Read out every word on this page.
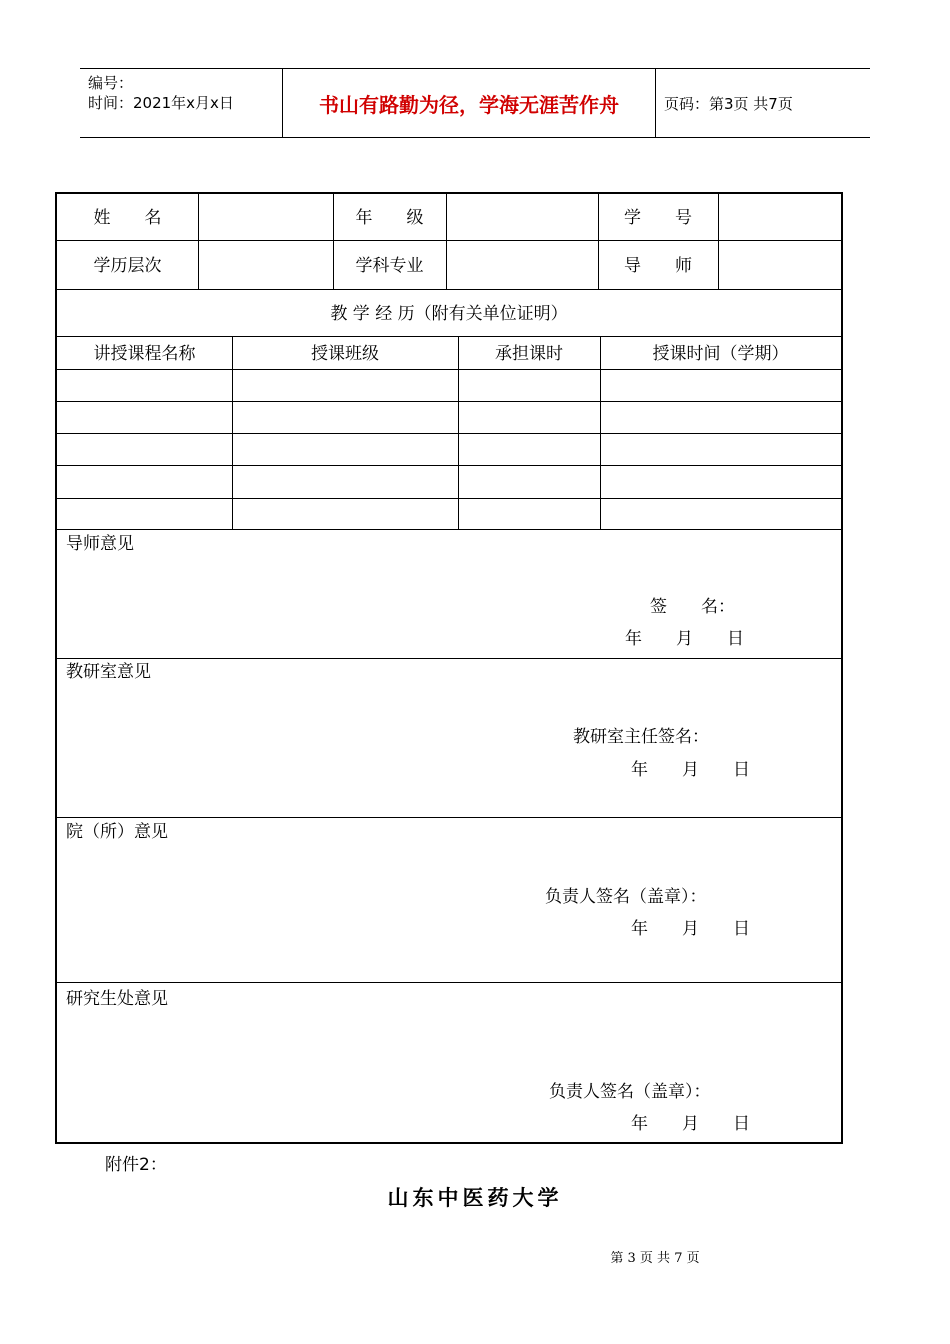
编号：
时间：2021年x月x日	书山有路勤为径，学海无涯苦作舟	页码：第3页 共7页
姓　　名	年　　级	学　　号
学历层次	学科专业	导　　师
教 学 经 历（附有关单位证明）
讲授课程名称	授课班级	承担课时	授课时间（学期）
导师意见
签　　名：
年　　月　　日
教研室意见
教研室主任签名：
年　　月　　日
院（所）意见
负责人签名（盖章）：
年　　月　　日
研究生处意见
负责人签名（盖章）：
年　　月　　日
附件2：
山东中医药大学
第 3 页 共 7 页
